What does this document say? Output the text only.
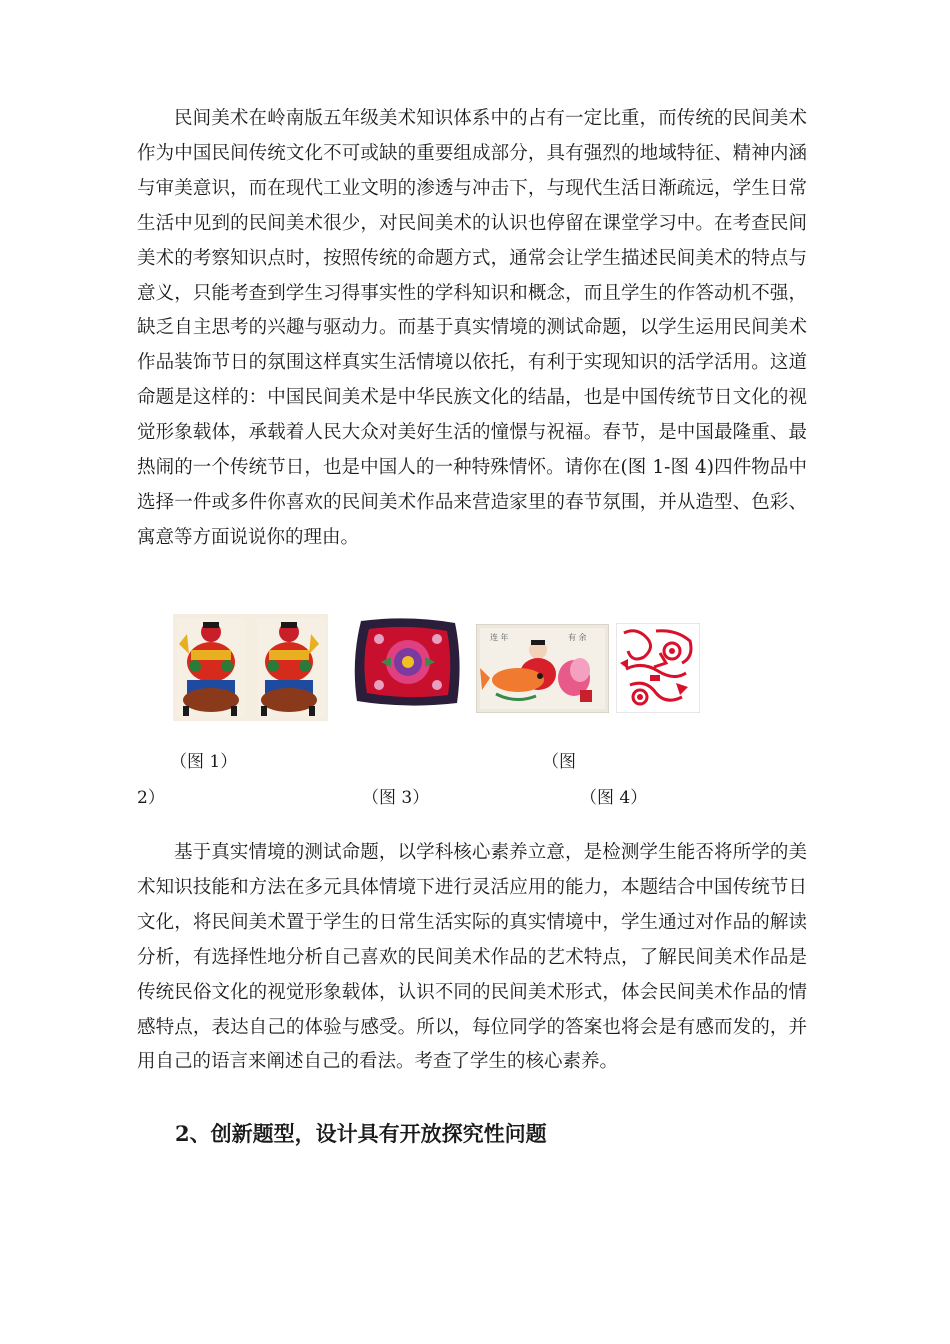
民间美术在岭南版五年级美术知识体系中的占有一定比重，而传统的民间美术作为中国民间传统文化不可或缺的重要组成部分，具有强烈的地域特征、精神内涵与审美意识，而在现代工业文明的渗透与冲击下，与现代生活日渐疏远，学生日常生活中见到的民间美术很少，对民间美术的认识也停留在课堂学习中。在考查民间美术的考察知识点时，按照传统的命题方式，通常会让学生描述民间美术的特点与意义，只能考查到学生习得事实性的学科知识和概念，而且学生的作答动机不强，缺乏自主思考的兴趣与驱动力。而基于真实情境的测试命题，以学生运用民间美术作品装饰节日的氛围这样真实生活情境以依托，有利于实现知识的活学活用。这道命题是这样的：中国民间美术是中华民族文化的结晶，也是中国传统节日文化的视觉形象载体，承载着人民大众对美好生活的憧憬与祝福。春节，是中国最隆重、最热闹的一个传统节日，也是中国人的一种特殊情怀。请你在(图 1-图 4)四件物品中选择一件或多件你喜欢的民间美术作品来营造家里的春节氛围，并从造型、色彩、寓意等方面说说你的理由。

连 年	有 余
（图 1）	（图
2）	（图 3）	（图 4）

基于真实情境的测试命题，以学科核心素养立意，是检测学生能否将所学的美术知识技能和方法在多元具体情境下进行灵活应用的能力，本题结合中国传统节日文化，将民间美术置于学生的日常生活实际的真实情境中，学生通过对作品的解读分析，有选择性地分析自己喜欢的民间美术作品的艺术特点，了解民间美术作品是传统民俗文化的视觉形象载体，认识不同的民间美术形式，体会民间美术作品的情感特点，表达自己的体验与感受。所以，每位同学的答案也将会是有感而发的，并用自己的语言来阐述自己的看法。考查了学生的核心素养。

2、创新题型，设计具有开放探究性问题
